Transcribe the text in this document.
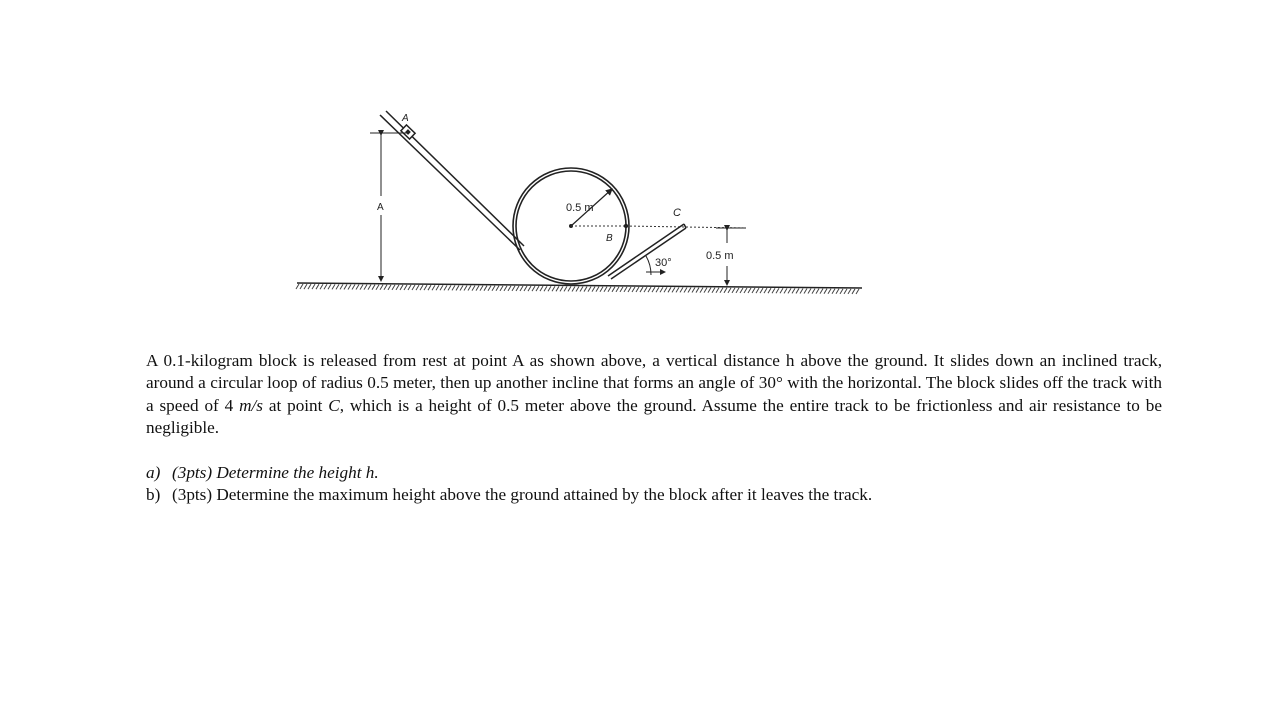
A
A	0.5 m
B
C
30°
0.5 m

A 0.1-kilogram block is released from rest at point A as shown above, a vertical distance h above the ground. It slides down an inclined track, around a circular loop of radius 0.5 meter, then up another incline that forms an angle of 30° with the horizontal. The block slides off the track with a speed of 4 m/s at point C, which is a height of 0.5 meter above the ground. Assume the entire track to be frictionless and air resistance to be negligible.

a) (3pts) Determine the height h.
b) (3pts) Determine the maximum height above the ground attained by the block after it leaves the track.
